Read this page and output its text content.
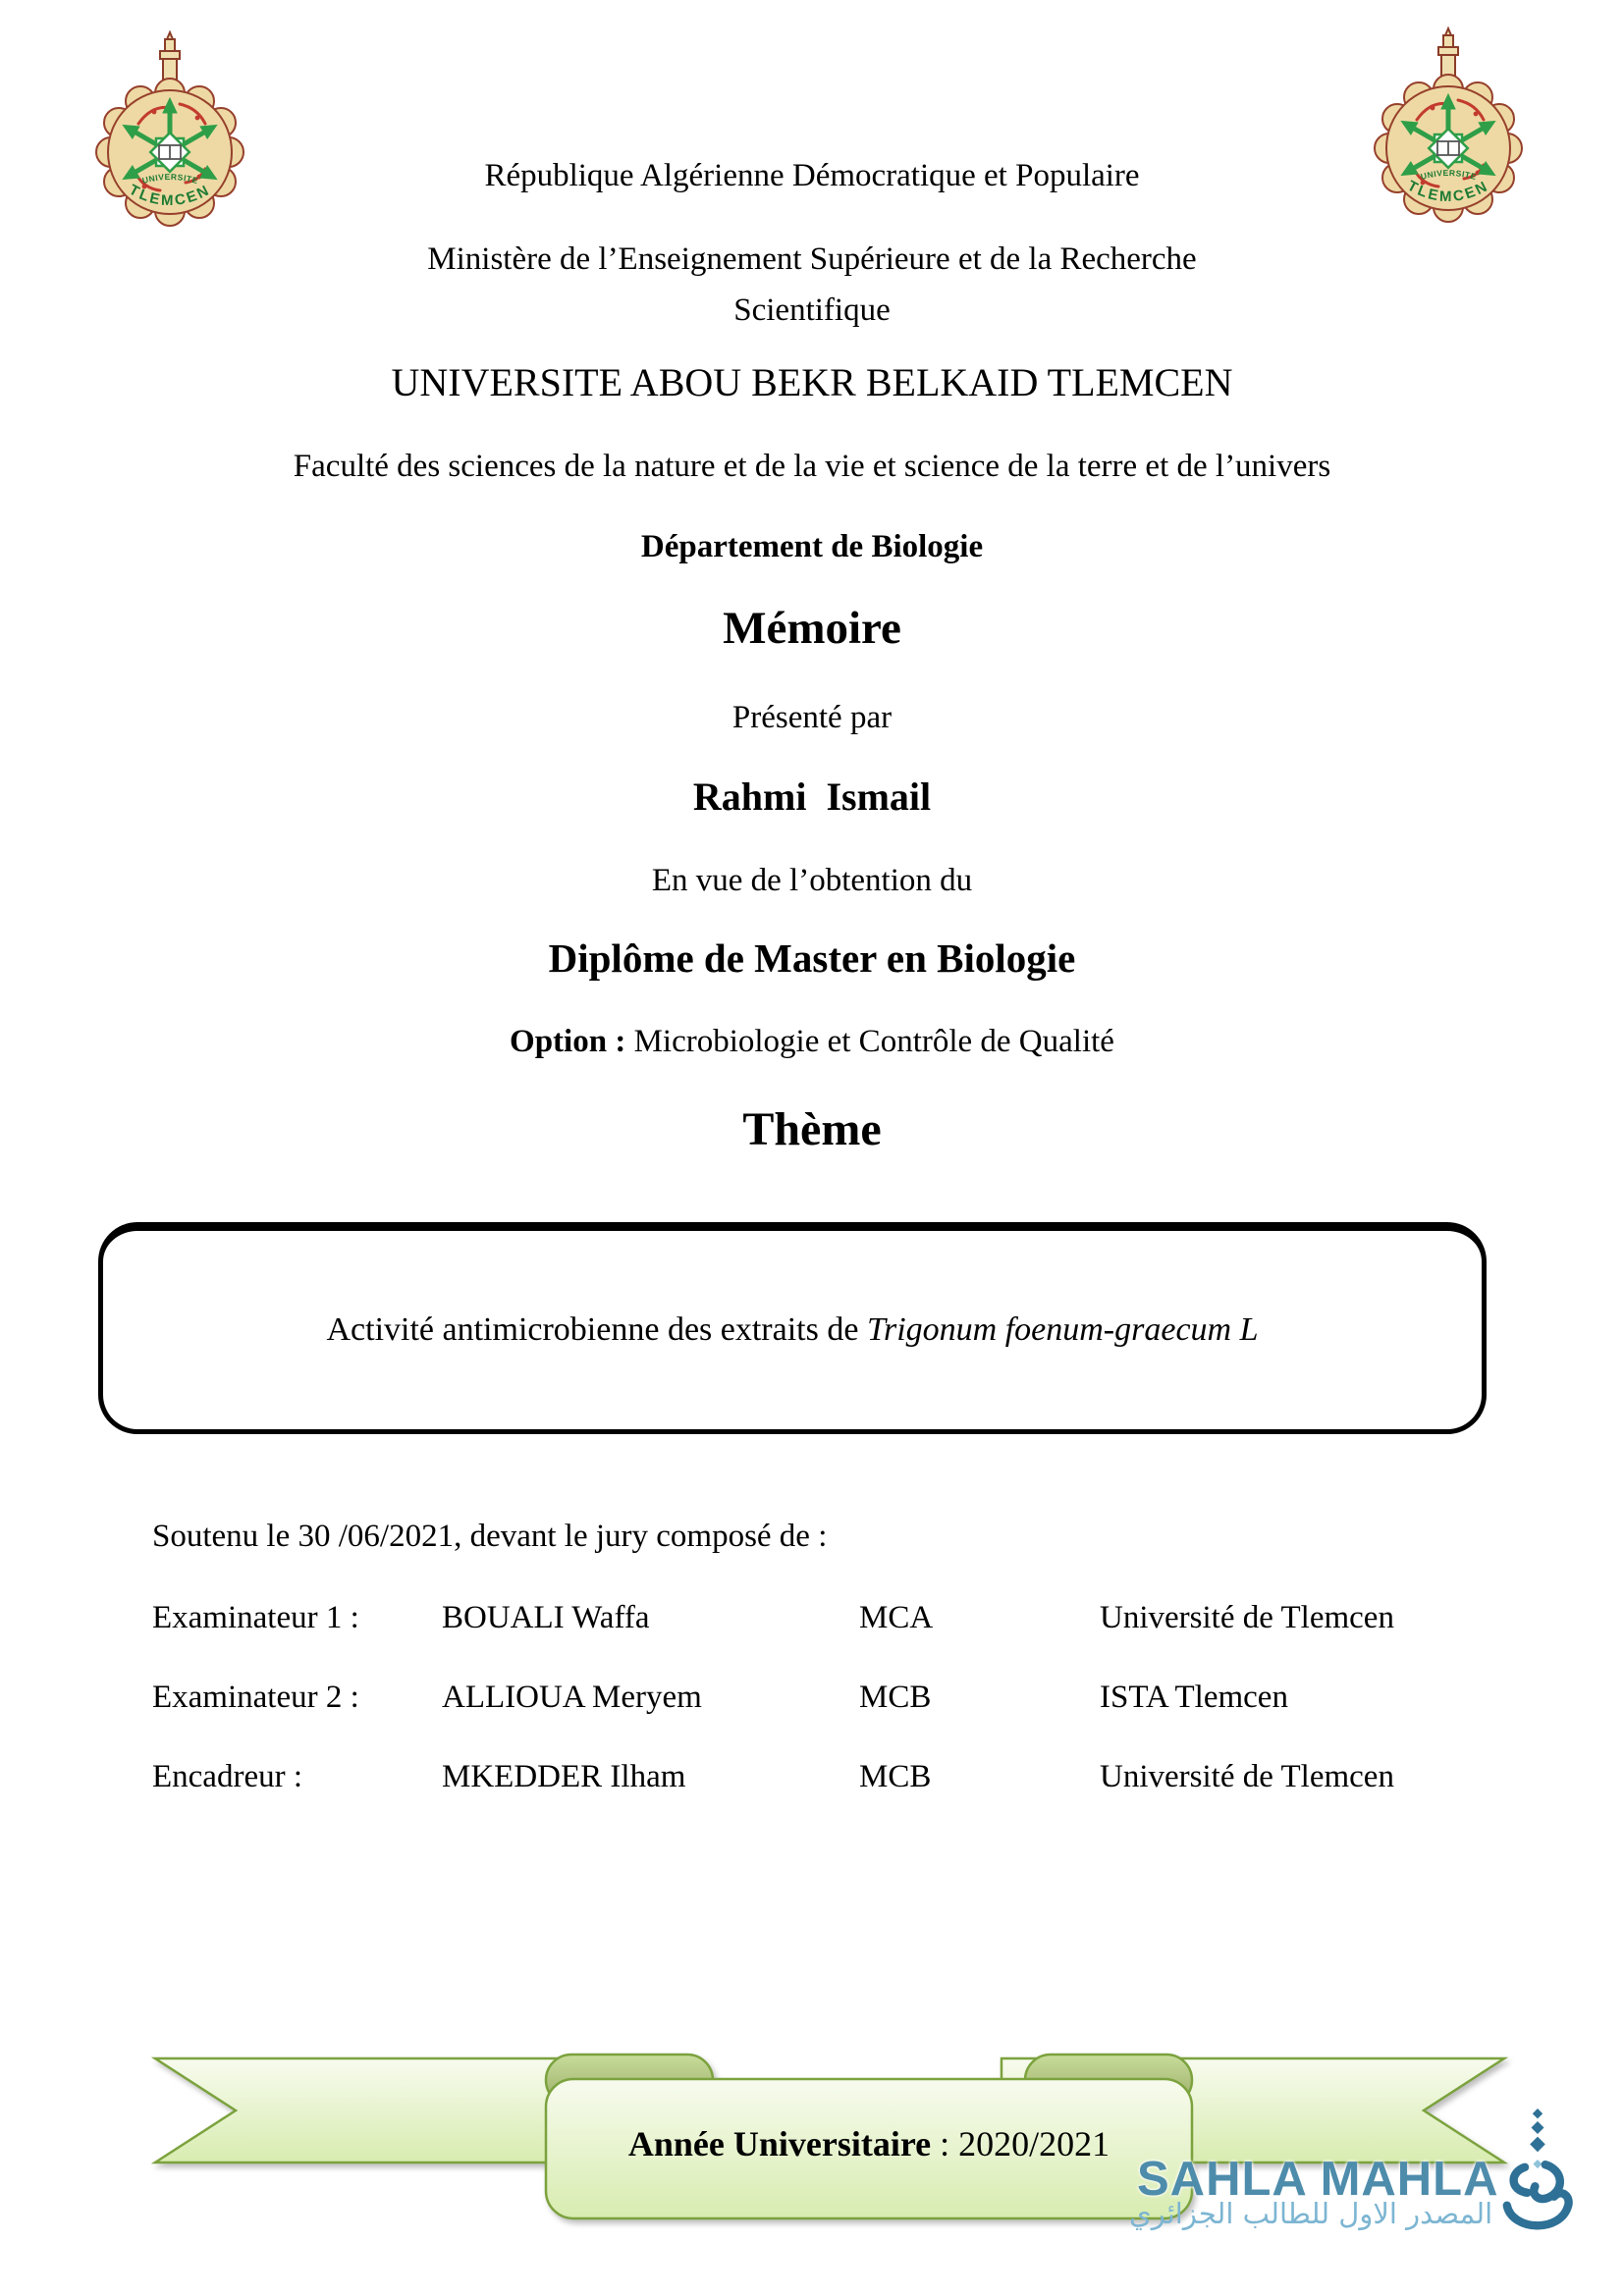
République Algérienne Démocratique et Populaire
Ministère de l’Enseignement Supérieure et de la Recherche
Scientifique
UNIVERSITE ABOU BEKR BELKAID TLEMCEN
Faculté des sciences de la nature et de la vie et science de la terre et de l’univers
Département de Biologie
Mémoire
Présenté par
Rahmi  Ismail
En vue de l’obtention du
Diplôme de Master en Biologie
Option : Microbiologie et Contrôle de Qualité
Thème
Activité antimicrobienne des extraits de Trigonum foenum-graecum L
Soutenu le 30 /06/2021, devant le jury composé de :
Examinateur 1 :	BOUALI Waffa	MCA	Université de Tlemcen
Examinateur 2 :	ALLIOUA Meryem	MCB	ISTA Tlemcen
Encadreur :	MKEDDER Ilham	MCB	Université de Tlemcen
Année Universitaire : 2020/2021
SAHLA MAHLA
المصدر الاول للطالب الجزائري
